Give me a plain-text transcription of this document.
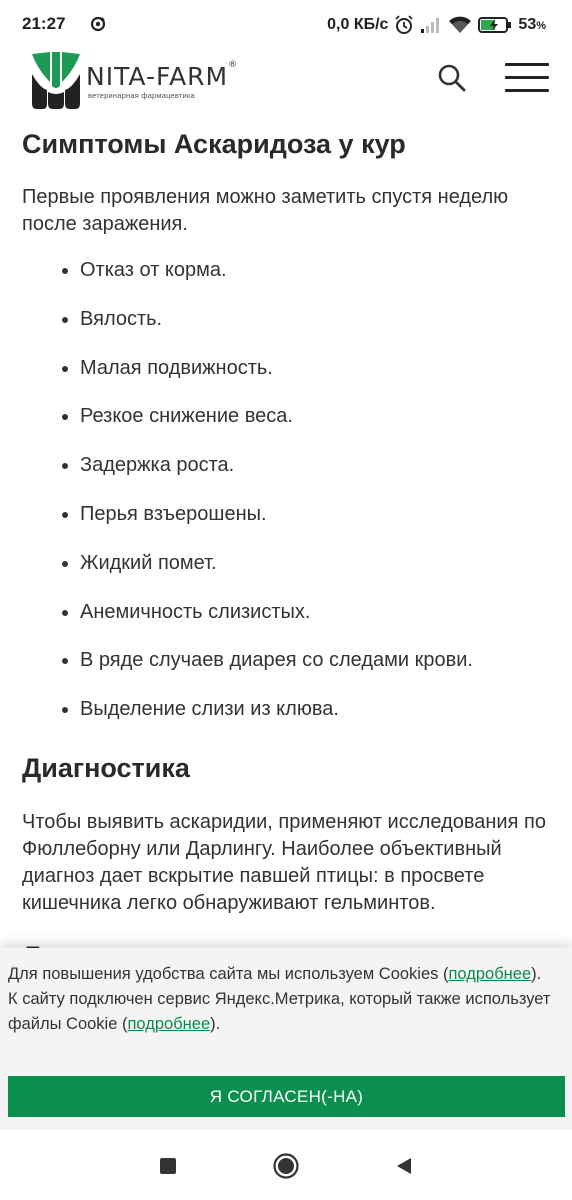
21:27	0,0 КБ/с	53%
NITA-FARM®
ветеринарная фармацевтика
Симптомы Аскаридоза у кур

Первые проявления можно заметить спустя неделю после заражения.

Отказ от корма.
Вялость.
Малая подвижность.
Резкое снижение веса.
Задержка роста.
Перья взъерошены.
Жидкий помет.
Анемичность слизистых.
В ряде случаев диарея со следами крови.
Выделение слизи из клюва.
Диагностика

Чтобы выявить аскаридии, применяют исследования по Фюллеборну или Дарлингу. Наиболее объективный диагноз дает вскрытие павшей птицы: в просвете кишечника легко обнаруживают гельминтов.

Для повышения удобства сайта мы используем Cookies (подробнее).
К сайту подключен сервис Яндекс.Метрика, который также использует файлы Cookie (подробнее).
Я СОГЛАСЕН(-НА)
